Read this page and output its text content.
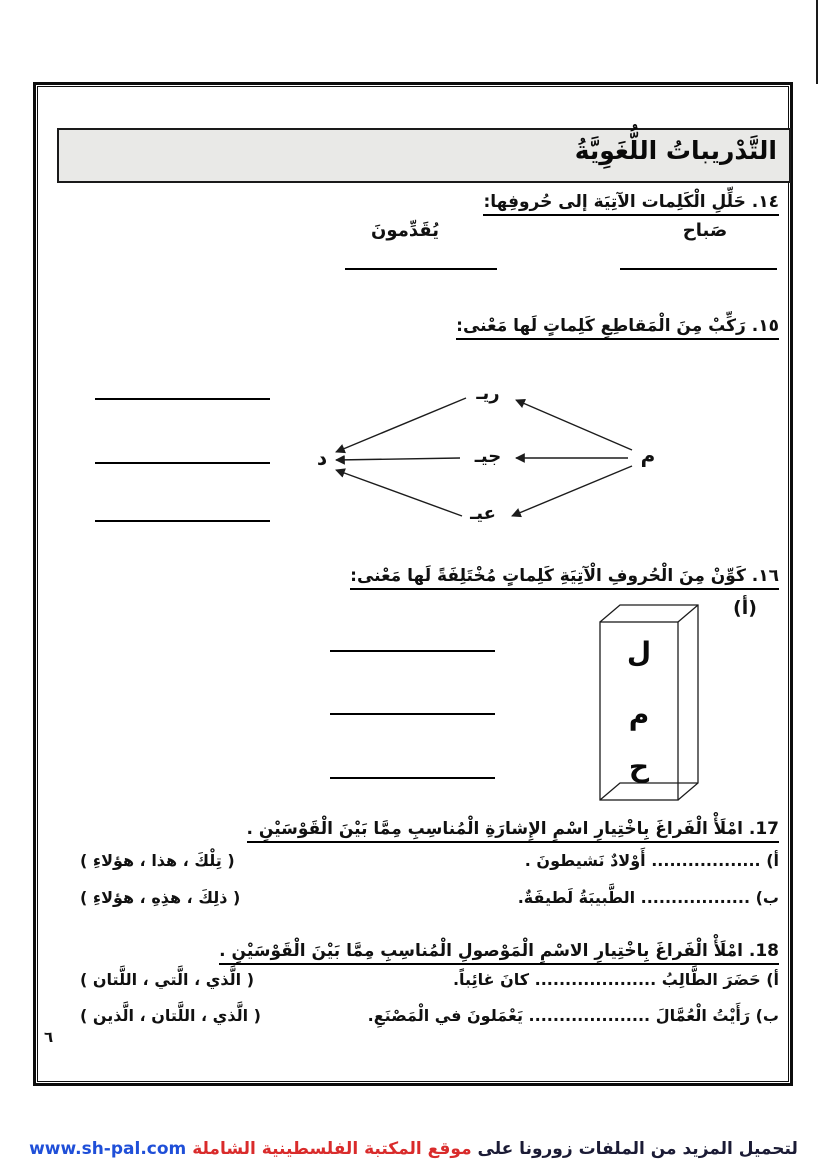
التَّدْريباتُ اللُّغَوِيَّةُ
١٤. حَلِّلِ الْكَلِمات الآتِيَة إلى حُروفِها:
صَباح
يُقَدِّمونَ
١٥. رَكِّبْ مِنَ الْمَقاطِعِ كَلِماتٍ لَها مَعْنى:
م
ريـ
جيـ
عيـ
د
١٦. كَوِّنْ مِنَ الْحُروفِ الْآتِيَةِ كَلِماتٍ مُخْتَلِفَةً لَها مَعْنى:
(أ)
ل
م
ح
17. امْلَأْ الْفَراغَ بِاخْتِيارِ اسْمِ الإِشارَةِ الْمُناسِبِ مِمَّا بَيْنَ الْقَوْسَيْنِ .
أ) .................. أَوْلادٌ نَشيطونَ .
( تِلْكَ ، هذا ، هؤلاءِ )
ب) .................. الطَّبيبَةُ لَطيفَةٌ.
( ذلِكَ ، هذِهِ ، هؤلاءِ )
18. امْلَأْ الْفَراغَ بِاخْتِيارِ الاسْمِ الْمَوْصولِ الْمُناسِبِ مِمَّا بَيْنَ الْقَوْسَيْنِ .
أ) حَضَرَ الطَّالِبُ .................... كانَ غائِباً.
( الَّذي ، الَّتي ، اللَّتان )
ب) رَأَيْتُ الْعُمَّالَ .................... يَعْمَلونَ في الْمَصْنَعِ.
( الَّذي ، اللَّتان ، الَّذين )
٦
لتحميل المزيد من الملفات زورونا على موقع المكتبة الفلسطينية الشاملة www.sh-pal.com
